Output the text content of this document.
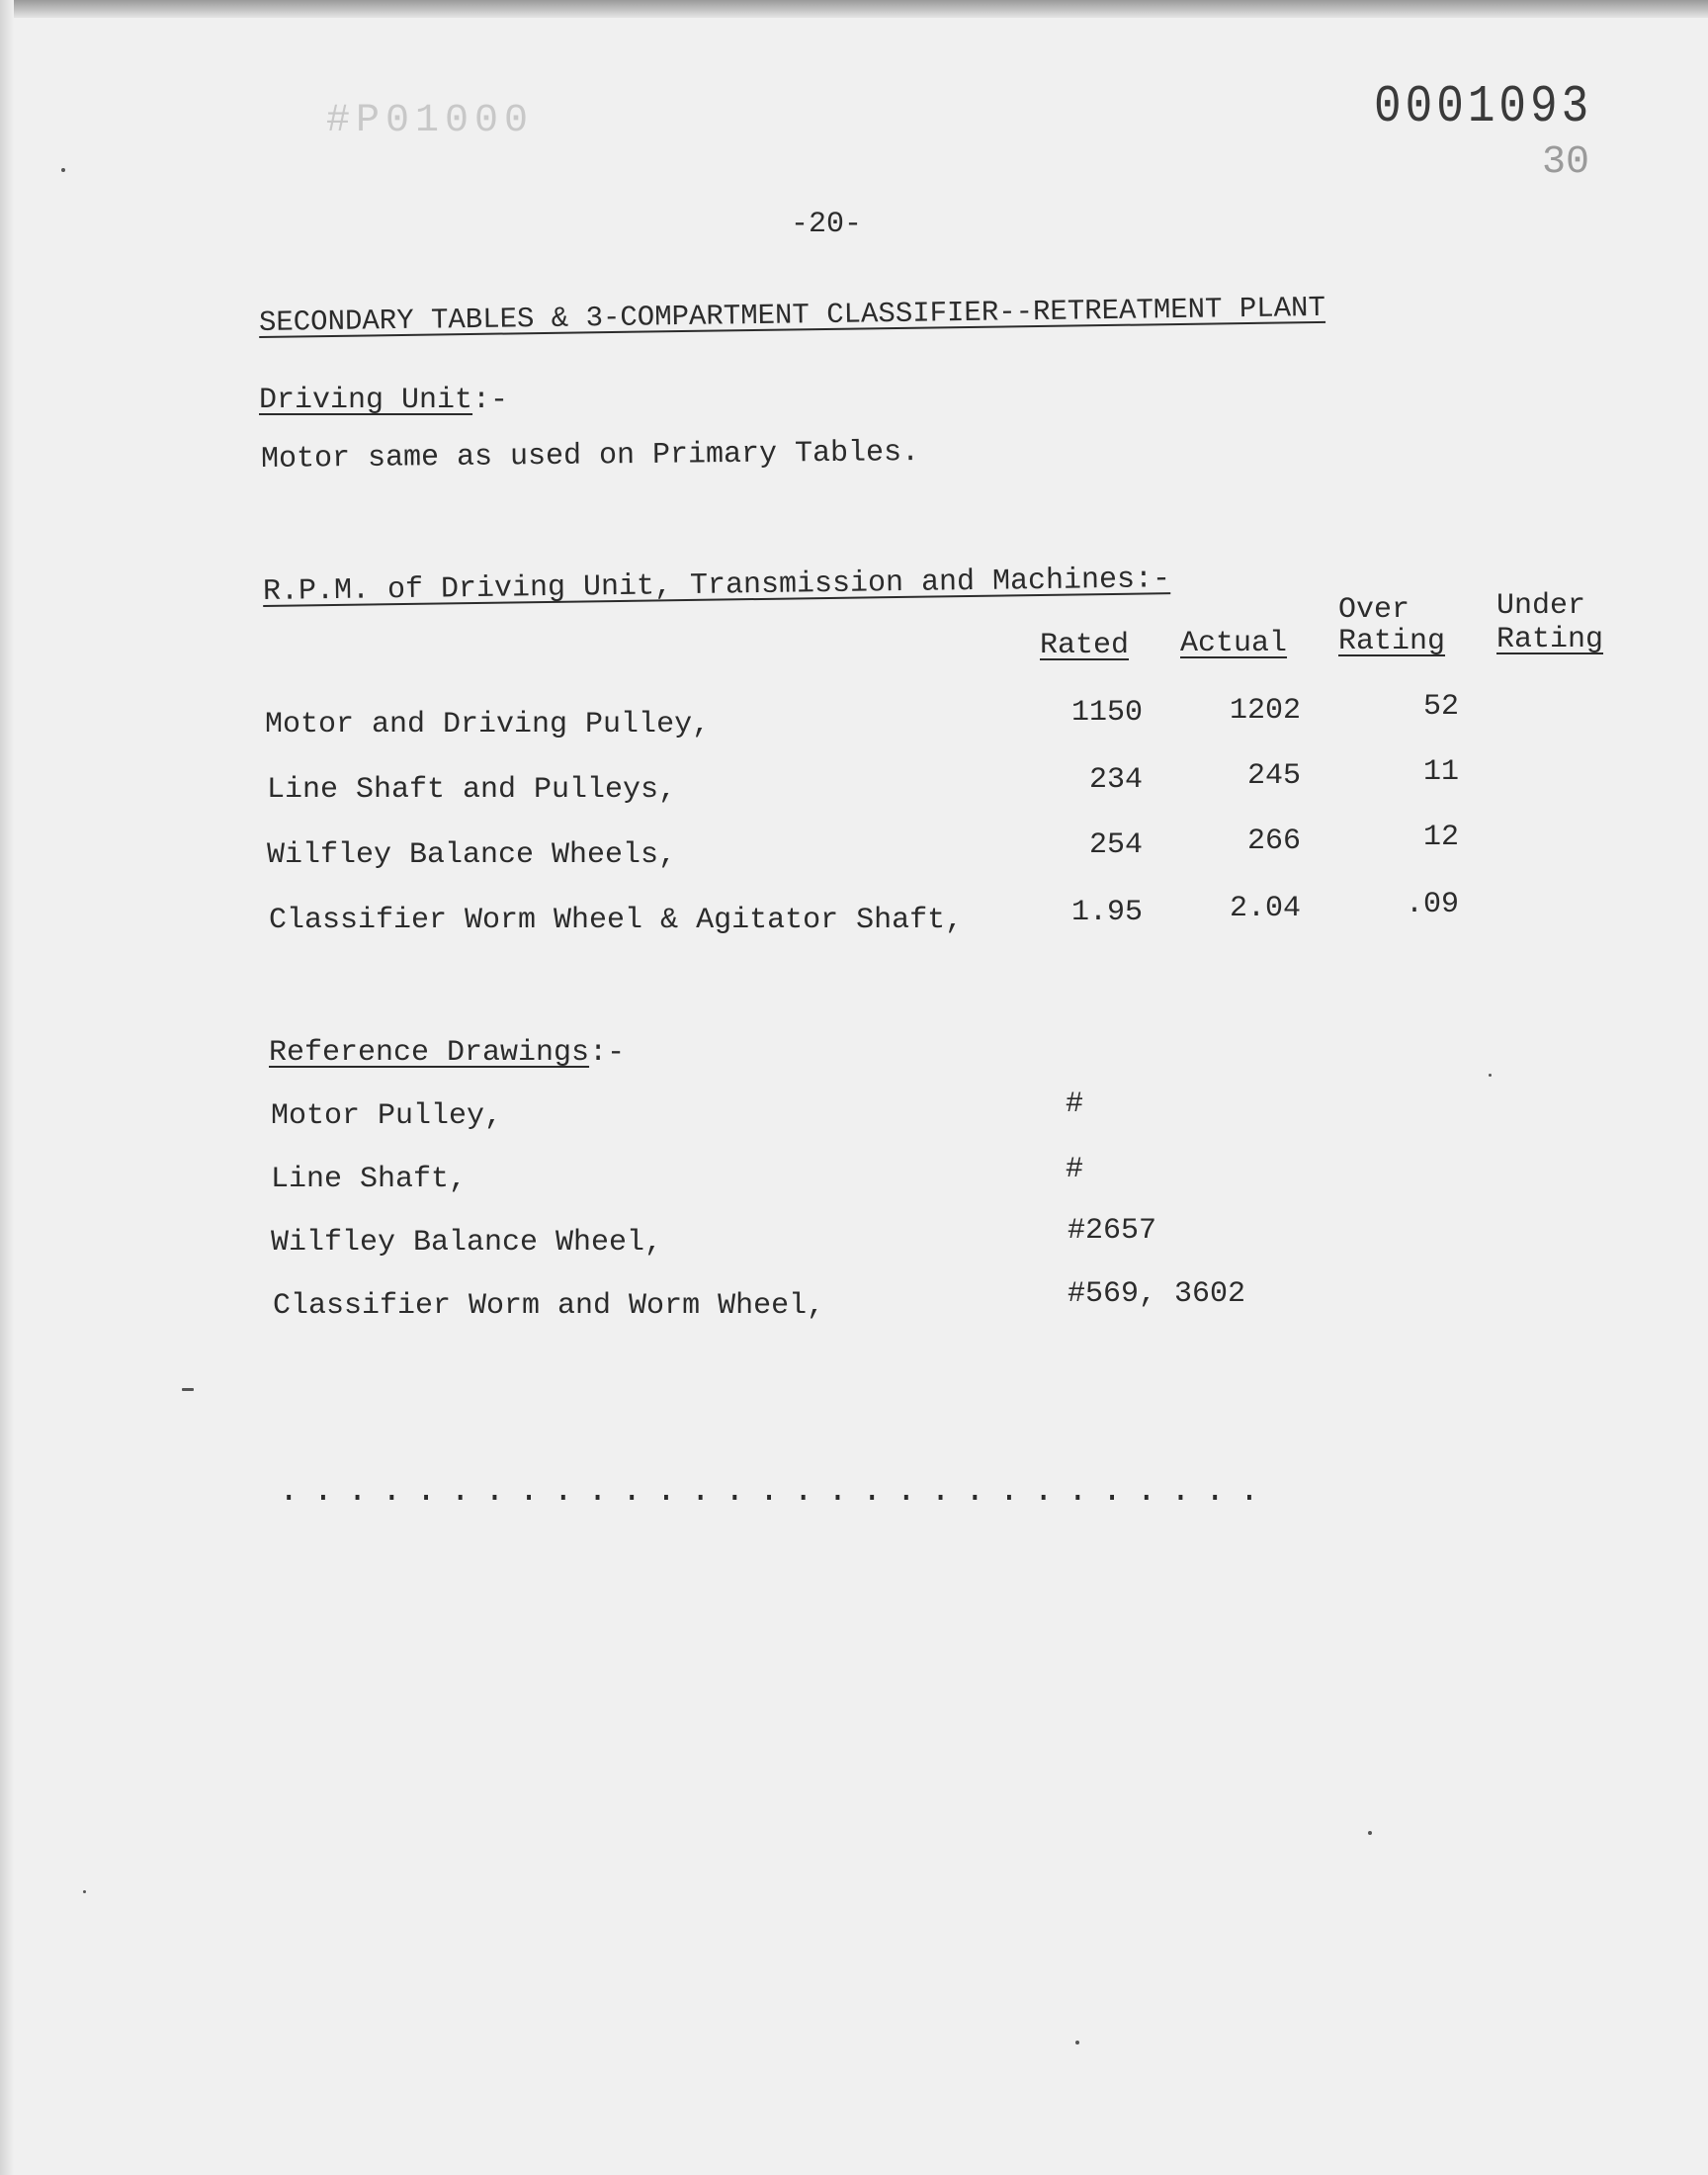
#P01000	0001093
30
-20-
SECONDARY TABLES & 3-COMPARTMENT CLASSIFIER--RETREATMENT PLANT
Driving Unit:-
Motor same as used on Primary Tables.
R.P.M. of Driving Unit, Transmission and Machines:-
Rated Actual
Over
Rating
Under
Rating
Motor and Driving Pulley,	1150	1202	52
Line Shaft and Pulleys,	234	245	11
Wilfley Balance Wheels,	254	266	12
Classifier Worm Wheel & Agitator Shaft,	1.95	2.04	.09
Reference Drawings:-
Motor Pulley,	#
Line Shaft,	#
Wilfley Balance Wheel,	#2657
Classifier Worm and Worm Wheel,	#569, 3602
.............................
